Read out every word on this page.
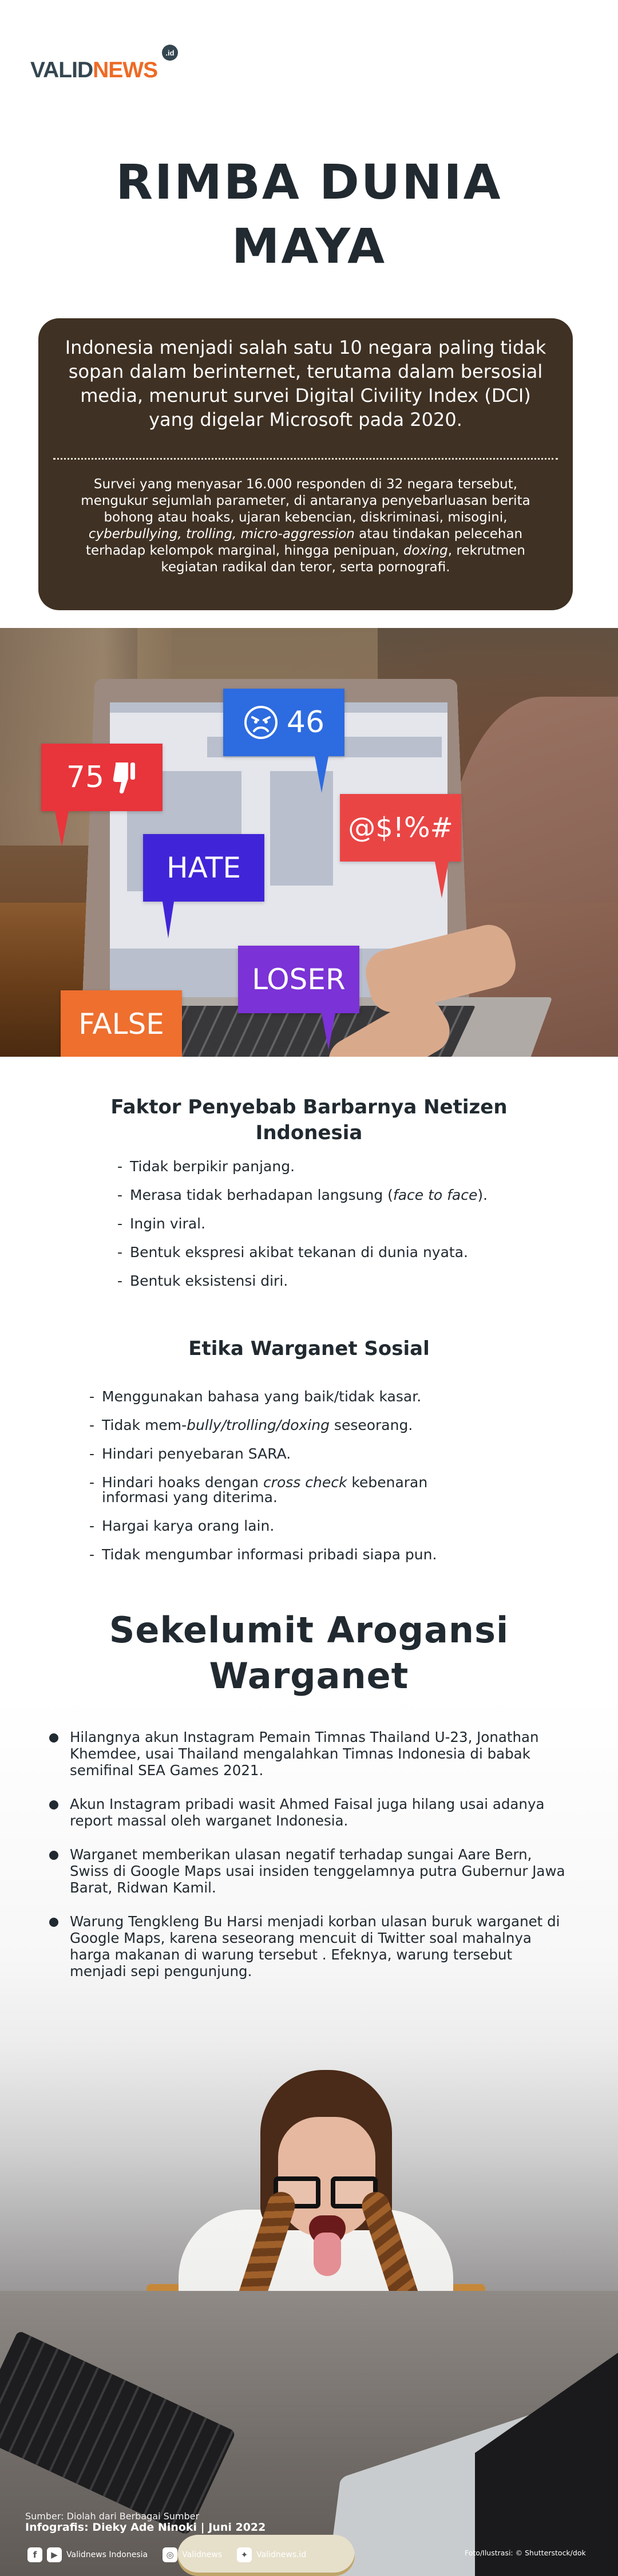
VALID NEWS
.id
RIMBA DUNIA MAYA

Indonesia menjadi salah satu 10 negara paling tidak sopan dalam berinternet, terutama dalam bersosial media, menurut survei Digital Civility Index (DCI) yang digelar Microsoft pada 2020.

Survei yang menyasar 16.000 responden di 32 negara tersebut, mengukur sejumlah parameter, di antaranya penyebarluasan berita bohong atau hoaks, ujaran kebencian, diskriminasi, misogini, cyberbullying, trolling, micro-aggression atau tindakan pelecehan terhadap kelompok marginal, hingga penipuan, doxing, rekrutmen kegiatan radikal dan teror, serta pornografi.

75
46
HATE
@$!%#
LOSER
FALSE
Faktor Penyebab Barbarnya Netizen Indonesia
- Tidak berpikir panjang.
- Merasa tidak berhadapan langsung (face to face).
- Ingin viral.
- Bentuk ekspresi akibat tekanan di dunia nyata.
- Bentuk eksistensi diri.
Etika Warganet Sosial
- Menggunakan bahasa yang baik/tidak kasar.
- Tidak mem-bully/trolling/doxing seseorang.
- Hindari penyebaran SARA.
- Hindari hoaks dengan cross check kebenaran informasi yang diterima.
- Hargai karya orang lain.
- Tidak mengumbar informasi pribadi siapa pun.
Sekelumit Arogansi Warganet
Hilangnya akun Instagram Pemain Timnas Thailand U-23, Jonathan Khemdee, usai Thailand mengalahkan Timnas Indonesia di babak semifinal SEA Games 2021.
Akun Instagram pribadi wasit Ahmed Faisal juga hilang usai adanya report massal oleh warganet Indonesia.
Warganet memberikan ulasan negatif terhadap sungai Aare Bern, Swiss di Google Maps usai insiden tenggelamnya putra Gubernur Jawa Barat, Ridwan Kamil.
Warung Tengkleng Bu Harsi menjadi korban ulasan buruk warganet di Google Maps, karena seseorang mencuit di Twitter soal mahalnya harga makanan di warung tersebut . Efeknya, warung tersebut menjadi sepi pengunjung.
Sumber: Diolah dari Berbagai Sumber
Infografis: Dieky Ade Ninoki | Juni 2022
f	▶	Validnews Indonesia	◎	Validnews	✦	Validnews.id	Foto/Ilustrasi: © Shutterstock/dok
